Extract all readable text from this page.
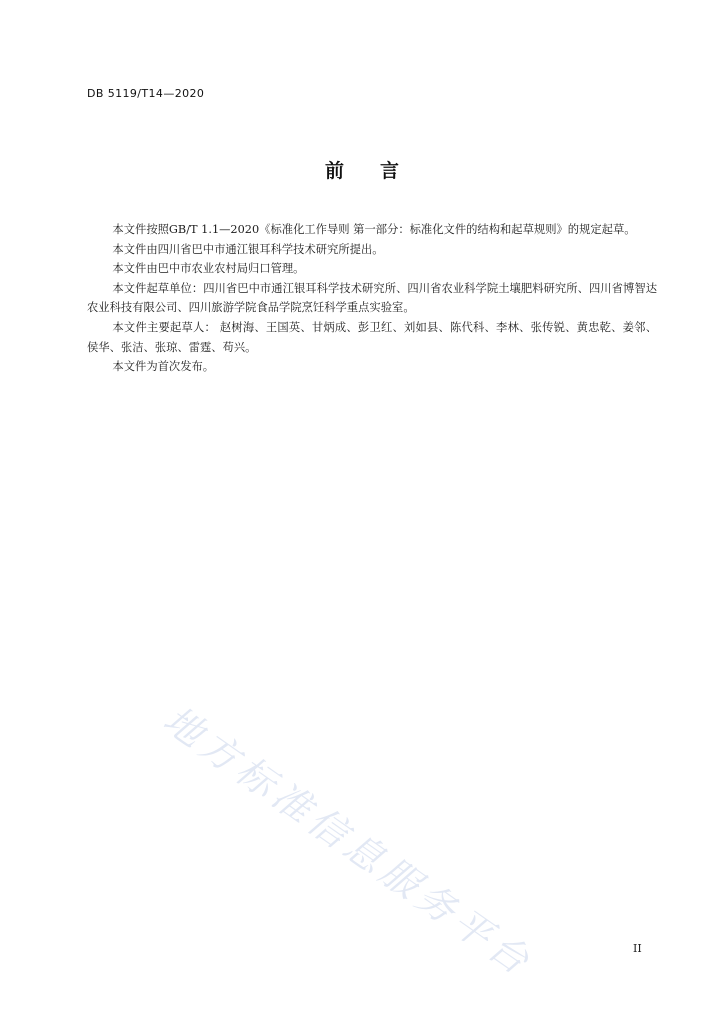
DB 5119/T14—2020
前 言

本文件按照GB/T 1.1—2020《标准化工作导则 第一部分：标准化文件的结构和起草规则》的规定起草。

本文件由四川省巴中市通江银耳科学技术研究所提出。

本文件由巴中市农业农村局归口管理。

本文件起草单位：四川省巴中市通江银耳科学技术研究所、四川省农业科学院土壤肥料研究所、四川省博智达农业科技有限公司、四川旅游学院食品学院烹饪科学重点实验室。

本文件主要起草人： 赵树海、王国英、甘炳成、彭卫红、刘如县、陈代科、李林、张传锐、黄忠乾、姜邻、侯华、张洁、张琼、雷霆、苟兴。

本文件为首次发布。

地方标准信息服务平台	II
